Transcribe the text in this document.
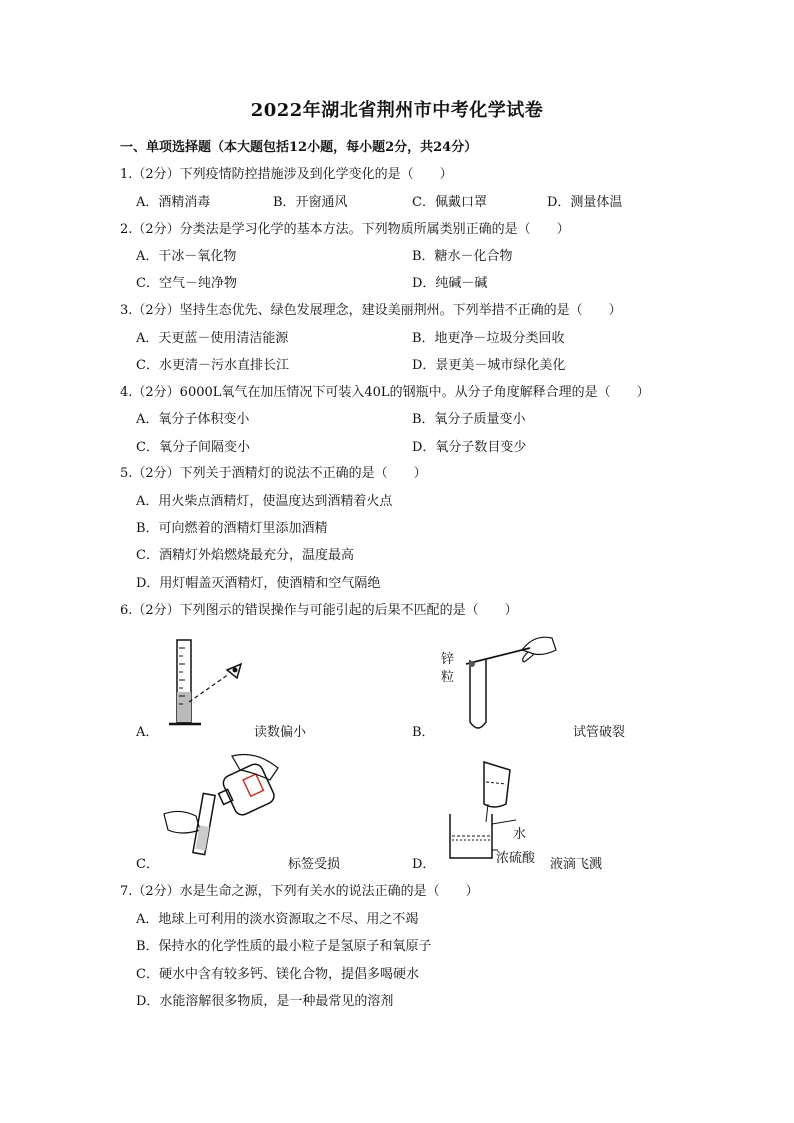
2022年湖北省荆州市中考化学试卷
一、单项选择题（本大题包括12小题，每小题2分，共24分）
1.（2分）下列疫情防控措施涉及到化学变化的是（　　）
A．酒精消毒	B．开窗通风	C．佩戴口罩	D．测量体温
2.（2分）分类法是学习化学的基本方法。下列物质所属类别正确的是（　　）
A．干冰－氧化物	B．糖水－化合物
C．空气－纯净物	D．纯碱－碱
3.（2分）坚持生态优先、绿色发展理念，建设美丽荆州。下列举措不正确的是（　　）
A．天更蓝－使用清洁能源	B．地更净－垃圾分类回收
C．水更清－污水直排长江	D．景更美－城市绿化美化
4.（2分）6000L氧气在加压情况下可装入40L的钢瓶中。从分子角度解释合理的是（　　）
A．氧分子体积变小	B．氧分子质量变小
C．氧分子间隔变小	D．氧分子数目变少
5.（2分）下列关于酒精灯的说法不正确的是（　　）
A．用火柴点酒精灯，使温度达到酒精着火点
B．可向燃着的酒精灯里添加酒精
C．酒精灯外焰燃烧最充分，温度最高
D．用灯帽盖灭酒精灯，使酒精和空气隔绝
6.（2分）下列图示的错误操作与可能引起的后果不匹配的是（　　）
A．	读数偏小
锌
粒
B．	试管破裂
C．	标签受损
水
浓硫酸
D．	液滴飞溅
7.（2分）水是生命之源，下列有关水的说法正确的是（　　）
A．地球上可利用的淡水资源取之不尽、用之不竭
B．保持水的化学性质的最小粒子是氢原子和氧原子
C．硬水中含有较多钙、镁化合物，提倡多喝硬水
D．水能溶解很多物质，是一种最常见的溶剂
